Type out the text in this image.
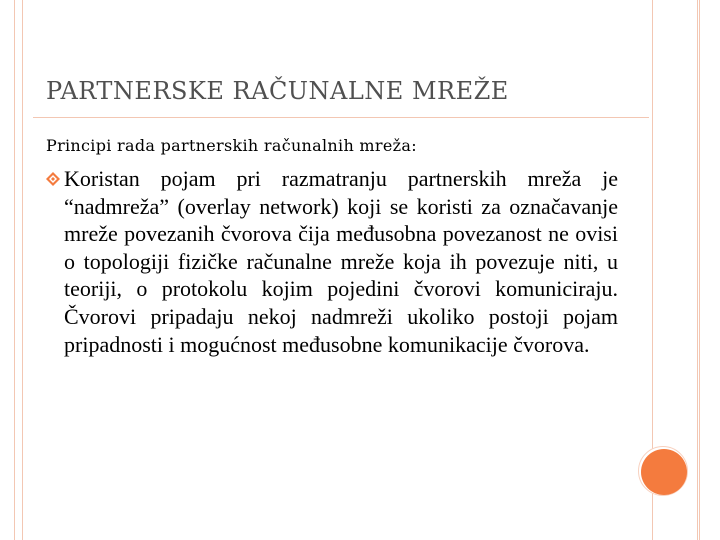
PARTNERSKE RAČUNALNE MREŽE
Principi rada partnerskih računalnih mreža:

Koristan pojam pri razmatranju partnerskih mreža je “nadmreža” (overlay network) koji se koristi za označavanje mreže povezanih čvorova čija međusobna povezanost ne ovisi o topologiji fizičke računalne mreže koja ih povezuje niti, u teoriji, o protokolu kojim pojedini čvorovi komuniciraju. Čvorovi pripadaju nekoj nadmreži ukoliko postoji pojam pripadnosti i mogućnost međusobne komunikacije čvorova.
